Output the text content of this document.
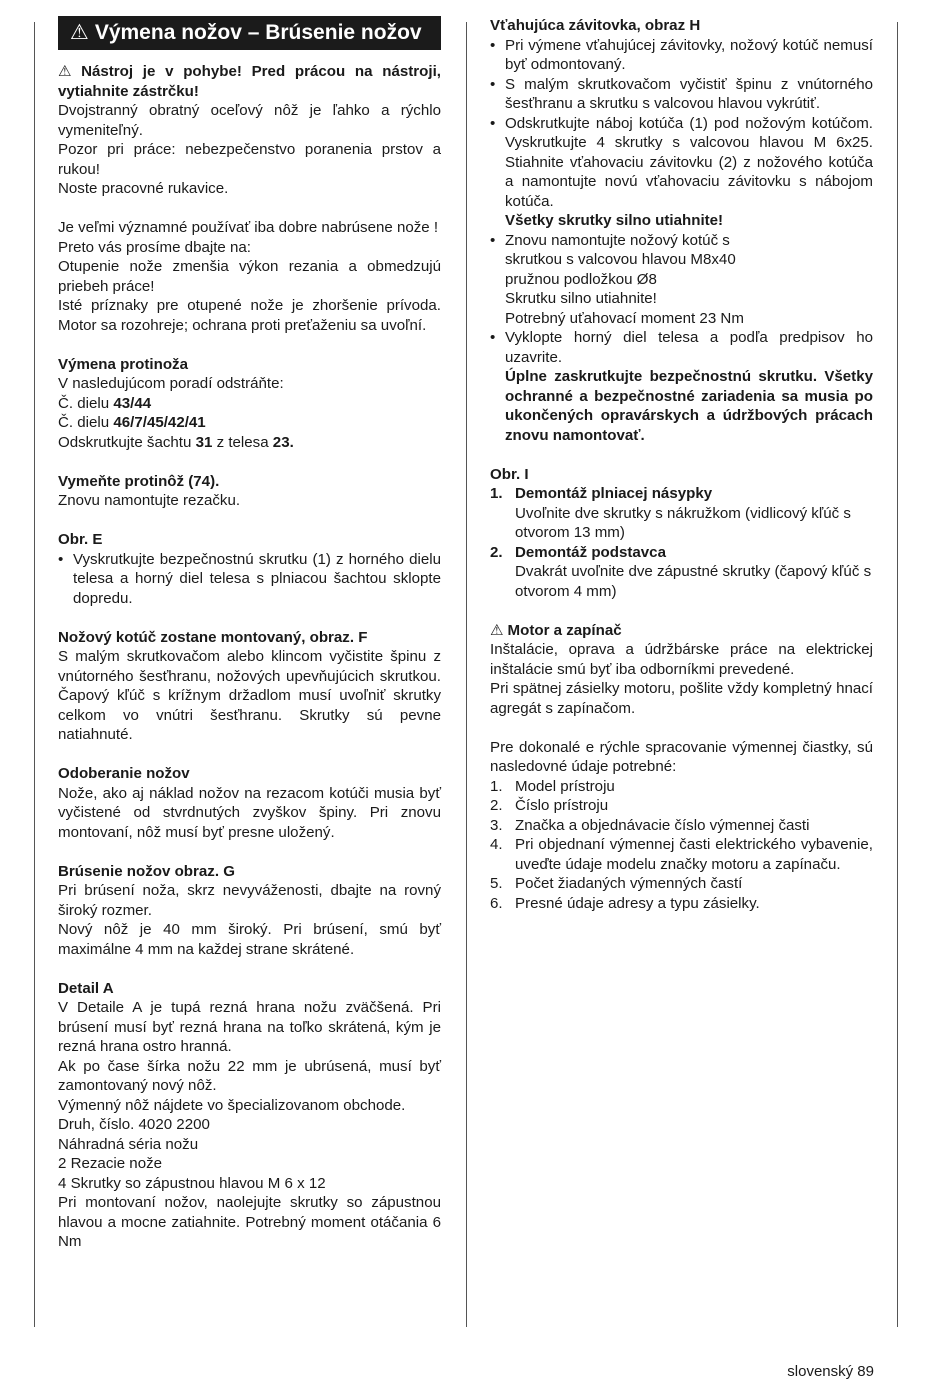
⚠ Výmena nožov – Brúsenie nožov

⚠ Nástroj je v pohybe! Pred prácou na nástroji, vytiahnite zástrčku!

Dvojstranný obratný oceľový nôž je ľahko a rýchlo vymeniteľný.

Pozor pri práce: nebezpečenstvo poranenia prstov a rukou!

Noste pracovné rukavice.

Je veľmi významné používať iba dobre nabrúsene nože !

Preto vás prosíme dbajte na:

Otupenie nože zmenšia výkon rezania a obmedzujú priebeh práce!

Isté príznaky pre otupené nože je zhoršenie prívoda. Motor sa rozohreje; ochrana proti preťaženiu sa uvoľní.

Výmena protinoža

V nasledujúcom poradí odstráňte:

Č. dielu 43/44

Č. dielu 46/7/45/42/41

Odskrutkujte šachtu 31 z telesa 23.

Vymeňte protinôž (74).

Znovu namontujte rezačku.

Obr. E

• Vyskrutkujte bezpečnostnú skrutku (1) z horného dielu telesa a horný diel telesa s plniacou šachtou sklopte dopredu.

Nožový kotúč zostane montovaný, obraz. F

S malým skrutkovačom alebo klincom vyčistite špinu z vnútorného šesťhranu, nožových upevňujúcich skrutkou. Čapový kľúč s krížnym držadlom musí uvoľniť skrutky celkom vo vnútri šesťhranu. Skrutky sú pevne natiahnuté.

Odoberanie nožov

Nože, ako aj náklad nožov na rezacom kotúči musia byť vyčistené od stvrdnutých zvyškov špiny. Pri znovu montovaní, nôž musí byť presne uložený.

Brúsenie nožov obraz. G

Pri brúsení noža, skrz nevyváženosti, dbajte na rovný široký rozmer.

Nový nôž je 40 mm široký. Pri brúsení, smú byť maximálne 4 mm na každej strane skrátené.

Detail A

V Detaile A je tupá rezná hrana nožu zväčšená. Pri brúsení musí byť rezná hrana na toľko skrátená, kým je rezná hrana ostro hranná.

Ak po čase šírka nožu 22 mm je ubrúsená, musí byť zamontovaný nový nôž.

Výmenný nôž nájdete vo špecializovanom obchode.

Druh, číslo. 4020 2200

Náhradná séria nožu

2 Rezacie nože

4 Skrutky so zápustnou hlavou M 6 x 12

Pri montovaní nožov, naolejujte skrutky so zápustnou hlavou a mocne zatiahnite. Potrebný moment otáčania 6 Nm

Vťahujúca závitovka, obraz H

• Pri výmene vťahujúcej závitovky, nožový kotúč nemusí byť odmontovaný.
• S malým skrutkovačom vyčistiť špinu z vnútorného šesťhranu a skrutku s valcovou hlavou vykrútiť.
• Odskrutkujte náboj kotúča (1) pod nožovým kotúčom. Vyskrutkujte 4 skrutky s valcovou hlavou M 6x25. Stiahnite vťahovaciu závitovku (2) z nožového kotúča a namontujte novú vťahovaciu závitovku s nábojom kotúča.
Všetky skrutky silno utiahnite!
• Znovu namontujte nožový kotúč s
skrutkou s valcovou hlavou M8x40
pružnou podložkou Ø8
Skrutku silno utiahnite!
Potrebný uťahovací moment 23 Nm
• Vyklopte horný diel telesa a podľa predpisov ho uzavrite.
Úplne zaskrutkujte bezpečnostnú skrutku. Všetky ochranné a bezpečnostné zariadenia sa musia po ukončených opravárskych a údržbových prácach znovu namontovať.

Obr. I

1. Demontáž plniacej násypky
Uvoľnite dve skrutky s nákružkom (vidlicový kľúč s otvorom 13 mm)
2. Demontáž podstavca
Dvakrát uvoľnite dve zápustné skrutky (čapový kľúč s otvorom 4 mm)

⚠ Motor a zapínač

Inštalácie, oprava a údržbárske práce na elektrickej inštalácie smú byť iba odborníkmi prevedené.

Pri spätnej zásielky motoru, pošlite vždy kompletný hnací agregát s zapínačom.

Pre dokonalé e rýchle spracovanie výmennej čiastky, sú nasledovné údaje potrebné:

1. Model prístroju
2. Číslo prístroju
3. Značka a objednávacie číslo výmennej časti
4. Pri objednaní výmennej časti elektrického vybavenie, uveďte údaje modelu značky motoru a zapínaču.
5. Počet žiadaných výmenných častí
6. Presné údaje adresy a typu zásielky.
slovenský 89
